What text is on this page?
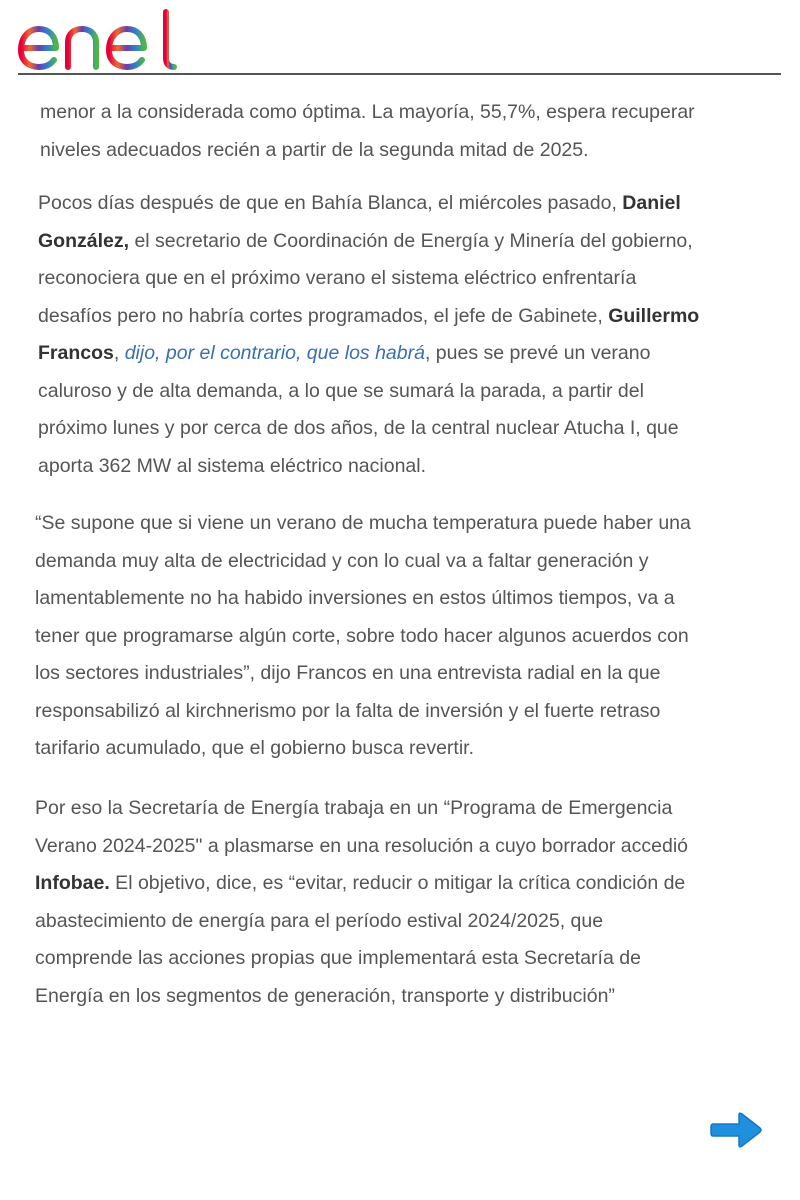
menor a la considerada como óptima. La mayoría, 55,7%, espera recuperar
niveles adecuados recién a partir de la segunda mitad de 2025.
Pocos días después de que en Bahía Blanca, el miércoles pasado, Daniel
González, el secretario de Coordinación de Energía y Minería del gobierno,
reconociera que en el próximo verano el sistema eléctrico enfrentaría
desafíos pero no habría cortes programados, el jefe de Gabinete, Guillermo
Francos, dijo, por el contrario, que los habrá, pues se prevé un verano
caluroso y de alta demanda, a lo que se sumará la parada, a partir del
próximo lunes y por cerca de dos años, de la central nuclear Atucha I, que
aporta 362 MW al sistema eléctrico nacional.
“Se supone que si viene un verano de mucha temperatura puede haber una
demanda muy alta de electricidad y con lo cual va a faltar generación y
lamentablemente no ha habido inversiones en estos últimos tiempos, va a
tener que programarse algún corte, sobre todo hacer algunos acuerdos con
los sectores industriales”, dijo Francos en una entrevista radial en la que
responsabilizó al kirchnerismo por la falta de inversión y el fuerte retraso
tarifario acumulado, que el gobierno busca revertir.
Por eso la Secretaría de Energía trabaja en un “Programa de Emergencia
Verano 2024-2025" a plasmarse en una resolución a cuyo borrador accedió
Infobae. El objetivo, dice, es “evitar, reducir o mitigar la crítica condición de
abastecimiento de energía para el período estival 2024/2025, que
comprende las acciones propias que implementará esta Secretaría de
Energía en los segmentos de generación, transporte y distribución”
